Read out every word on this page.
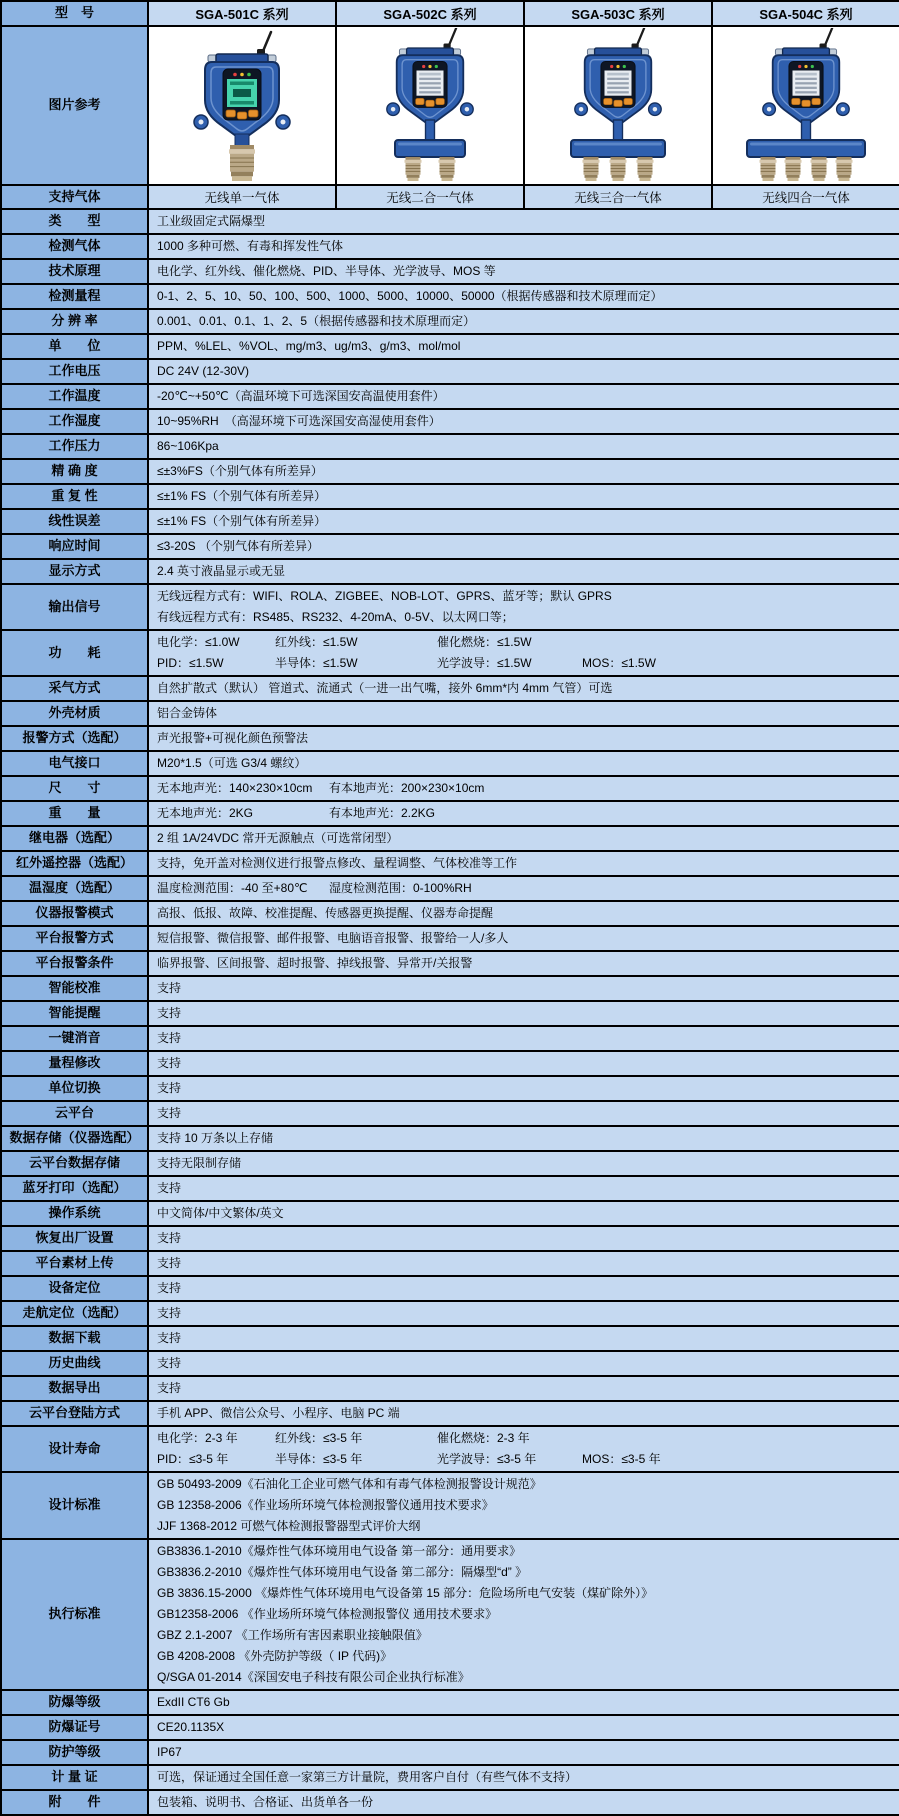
型　号	SGA-501C 系列	SGA-502C 系列	SGA-503C 系列	SGA-504C 系列
图片参考	

支持气体	无线单一气体	无线二合一气体	无线三合一气体	无线四合一气体
类　　型	工业级固定式隔爆型			

检测气体	1000 多种可燃、有毒和挥发性气体			

技术原理	电化学、红外线、催化燃烧、PID、半导体、光学波导、MOS 等			

检测量程	0-1、2、5、10、50、100、500、1000、5000、10000、50000（根据传感器和技术原理而定）			

分 辨 率	0.001、0.01、0.1、1、2、5（根据传感器和技术原理而定）			

单　　位	PPM、%LEL、%VOL、mg/m3、ug/m3、g/m3、mol/mol			

工作电压	DC 24V (12-30V)			

工作温度	-20℃~+50℃（高温环境下可选深国安高温使用套件）			

工作湿度	10~95%RH　（高湿环境下可选深国安高湿使用套件）			

工作压力	86~106Kpa			

精 确 度	≤±3%FS（个别气体有所差异）			

重 复 性	≤±1% FS（个别气体有所差异）			

线性误差	≤±1% FS（个别气体有所差异）			

响应时间	≤3-20S （个别气体有所差异）			

显示方式	2.4 英寸液晶显示或无显			

输出信号	无线远程方式有：WIFI、ROLA、ZIGBEE、NOB-LOT、GPRS、蓝牙等；默认 GPRS
有线远程方式有：RS485、RS232、4-20mA、0-5V、以太网口等；			

功　　耗	电化学：≤1.0W 红外线：≤1.5W 催化燃烧：≤1.5W
PID：≤1.5W 半导体：≤1.5W 光学波导：≤1.5W MOS：≤1.5W			

采气方式	自然扩散式（默认） 管道式、流通式（一进一出气嘴，接外 6mm*内 4mm 气管）可选			

外壳材质	铝合金铸体			

报警方式（选配）	声光报警+可视化颜色预警法			

电气接口	M20*1.5（可选 G3/4 螺纹）			

尺　　寸	无本地声光：140×230×10cm 有本地声光：200×230×10cm			

重　　量	无本地声光：2KG 有本地声光：2.2KG			

继电器（选配）	2 组 1A/24VDC 常开无源触点（可选常闭型）			

红外遥控器（选配）	支持，免开盖对检测仪进行报警点修改、量程调整、气体校准等工作			

温湿度（选配）	温度检测范围：-40 至+80℃ 湿度检测范围：0-100%RH			

仪器报警模式	高报、低报、故障、校准提醒、传感器更换提醒、仪器寿命提醒			

平台报警方式	短信报警、微信报警、邮件报警、电脑语音报警、报警给一人/多人			

平台报警条件	临界报警、区间报警、超时报警、掉线报警、异常开/关报警			

智能校准	支持			

智能提醒	支持			

一键消音	支持			

量程修改	支持			

单位切换	支持			

云平台	支持			

数据存储（仪器选配）	支持 10 万条以上存储			

云平台数据存储	支持无限制存储			

蓝牙打印（选配）	支持			

操作系统	中文简体/中文繁体/英文			

恢复出厂设置	支持			

平台素材上传	支持			

设备定位	支持			

走航定位（选配）	支持			

数据下载	支持			

历史曲线	支持			

数据导出	支持			

云平台登陆方式	手机 APP、微信公众号、小程序、电脑 PC 端			

设计寿命	电化学：2-3 年 红外线：≤3-5 年 催化燃烧：2-3 年
PID：≤3-5 年 半导体：≤3-5 年 光学波导：≤3-5 年 MOS：≤3-5 年			

设计标准	GB 50493-2009《石油化工企业可燃气体和有毒气体检测报警设计规范》
GB 12358-2006《作业场所环境气体检测报警仪通用技术要求》
JJF 1368-2012 可燃气体检测报警器型式评价大纲			

执行标准	
GB3836.1-2010《爆炸性气体环境用电气设备 第一部分：通用要求》
GB3836.2-2010《爆炸性气体环境用电气设备 第二部分：隔爆型“d” 》
GB 3836.15-2000 《爆炸性气体环境用电气设备第 15 部分：危险场所电气安装（煤矿除外）》
GB12358-2006 《作业场所环境气体检测报警仪 通用技术要求》
GBZ 2.1-2007 《工作场所有害因素职业接触限值》
GB 4208-2008 《外壳防护等级（ IP 代码)》
Q/SGA 01-2014《深国安电子科技有限公司企业执行标准》

防爆等级	ExdII CT6 Gb			

防爆证号	CE20.1135X			

防护等级	IP67			

计 量 证	可选，保证通过全国任意一家第三方计量院，费用客户自付（有些气体不支持）			

附　　件	包装箱、说明书、合格证、出货单各一份			
